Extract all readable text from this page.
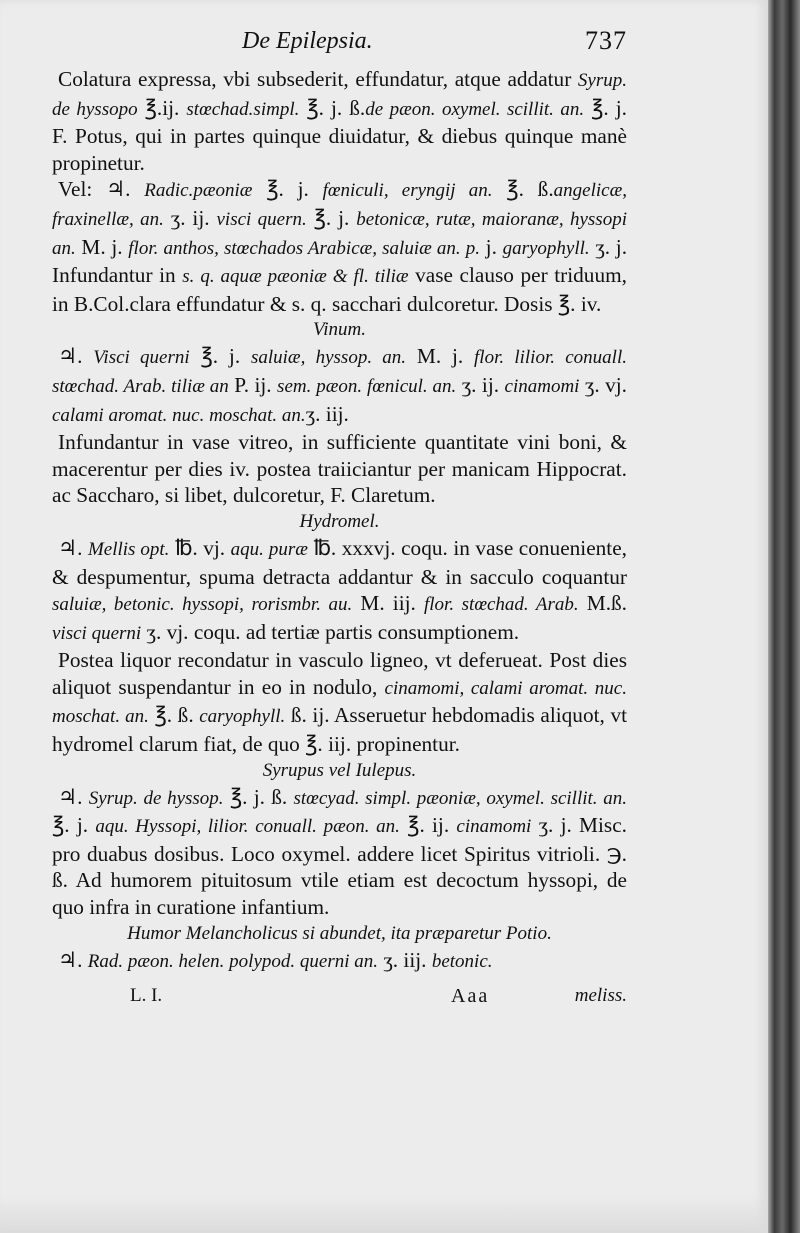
De Epilepsia.	737

Colatura expressa, vbi subsederit, effundatur, atque addatur Syrup. de hyssopo ℥.ij. stœchad.simpl. ℥. j. ß.de pæon. oxymel. scillit. an. ℥. j. F. Potus, qui in partes quinque diuidatur, & diebus quinque manè propinetur.

Vel: ♃. Radic.pæoniæ ℥. j. fœniculi, eryngij an. ℥. ß.angelicæ, fraxinellæ, an. ʒ. ij. visci quern. ℥. j. betonicæ, rutæ, maioranæ, hyssopi an. M. j. flor. anthos, stœchados Arabicæ, saluiæ an. p. j. garyophyll. ʒ. j. Infundantur in s. q. aquæ pæoniæ & fl. tiliæ vase clauso per triduum, in B.Col.clara effundatur & s. q. sacchari dulcoretur. Dosis ℥. iv.

Vinum.

♃. Visci querni ℥. j. saluiæ, hyssop. an. M. j. flor. lilior. conuall. stœchad. Arab. tiliæ an P. ij. sem. pæon. fœnicul. an. ʒ. ij. cinamomi ʒ. vj. calami aromat. nuc. moschat. an.ʒ. iij.

Infundantur in vase vitreo, in sufficiente quantitate vini boni, & macerentur per dies iv. postea traiiciantur per manicam Hippocrat. ac Saccharo, si libet, dulcoretur, F. Claretum.

Hydromel.

♃. Mellis opt. ℔. vj. aqu. puræ ℔. xxxvj. coqu. in vase conueniente, & despumentur, spuma detracta addantur & in sacculo coquantur saluiæ, betonic. hyssopi, rorismbr. au. M. iij. flor. stœchad. Arab. M.ß. visci querni ʒ. vj. coqu. ad tertiæ partis consumptionem.

Postea liquor recondatur in vasculo ligneo, vt deferueat. Post dies aliquot suspendantur in eo in nodulo, cinamomi, calami aromat. nuc. moschat. an. ℥. ß. caryophyll. ß. ij. Asseruetur hebdomadis aliquot, vt hydromel clarum fiat, de quo ℥. iij. propinentur.

Syrupus vel Iulepus.

♃. Syrup. de hyssop. ℥. j. ß. stœcyad. simpl. pæoniæ, oxymel. scillit. an. ℥. j. aqu. Hyssopi, lilior. conuall. pæon. an. ℥. ij. cinamomi ʒ. j. Misc. pro duabus dosibus. Loco oxymel. addere licet Spiritus vitrioli. ℈. ß. Ad humorem pituitosum vtile etiam est decoctum hyssopi, de quo infra in curatione infantium.

Humor Melancholicus si abundet, ita præparetur Potio.

♃. Rad. pæon. helen. polypod. querni an. ʒ. iij. betonic.

L. I.	Aaa	meliss.
